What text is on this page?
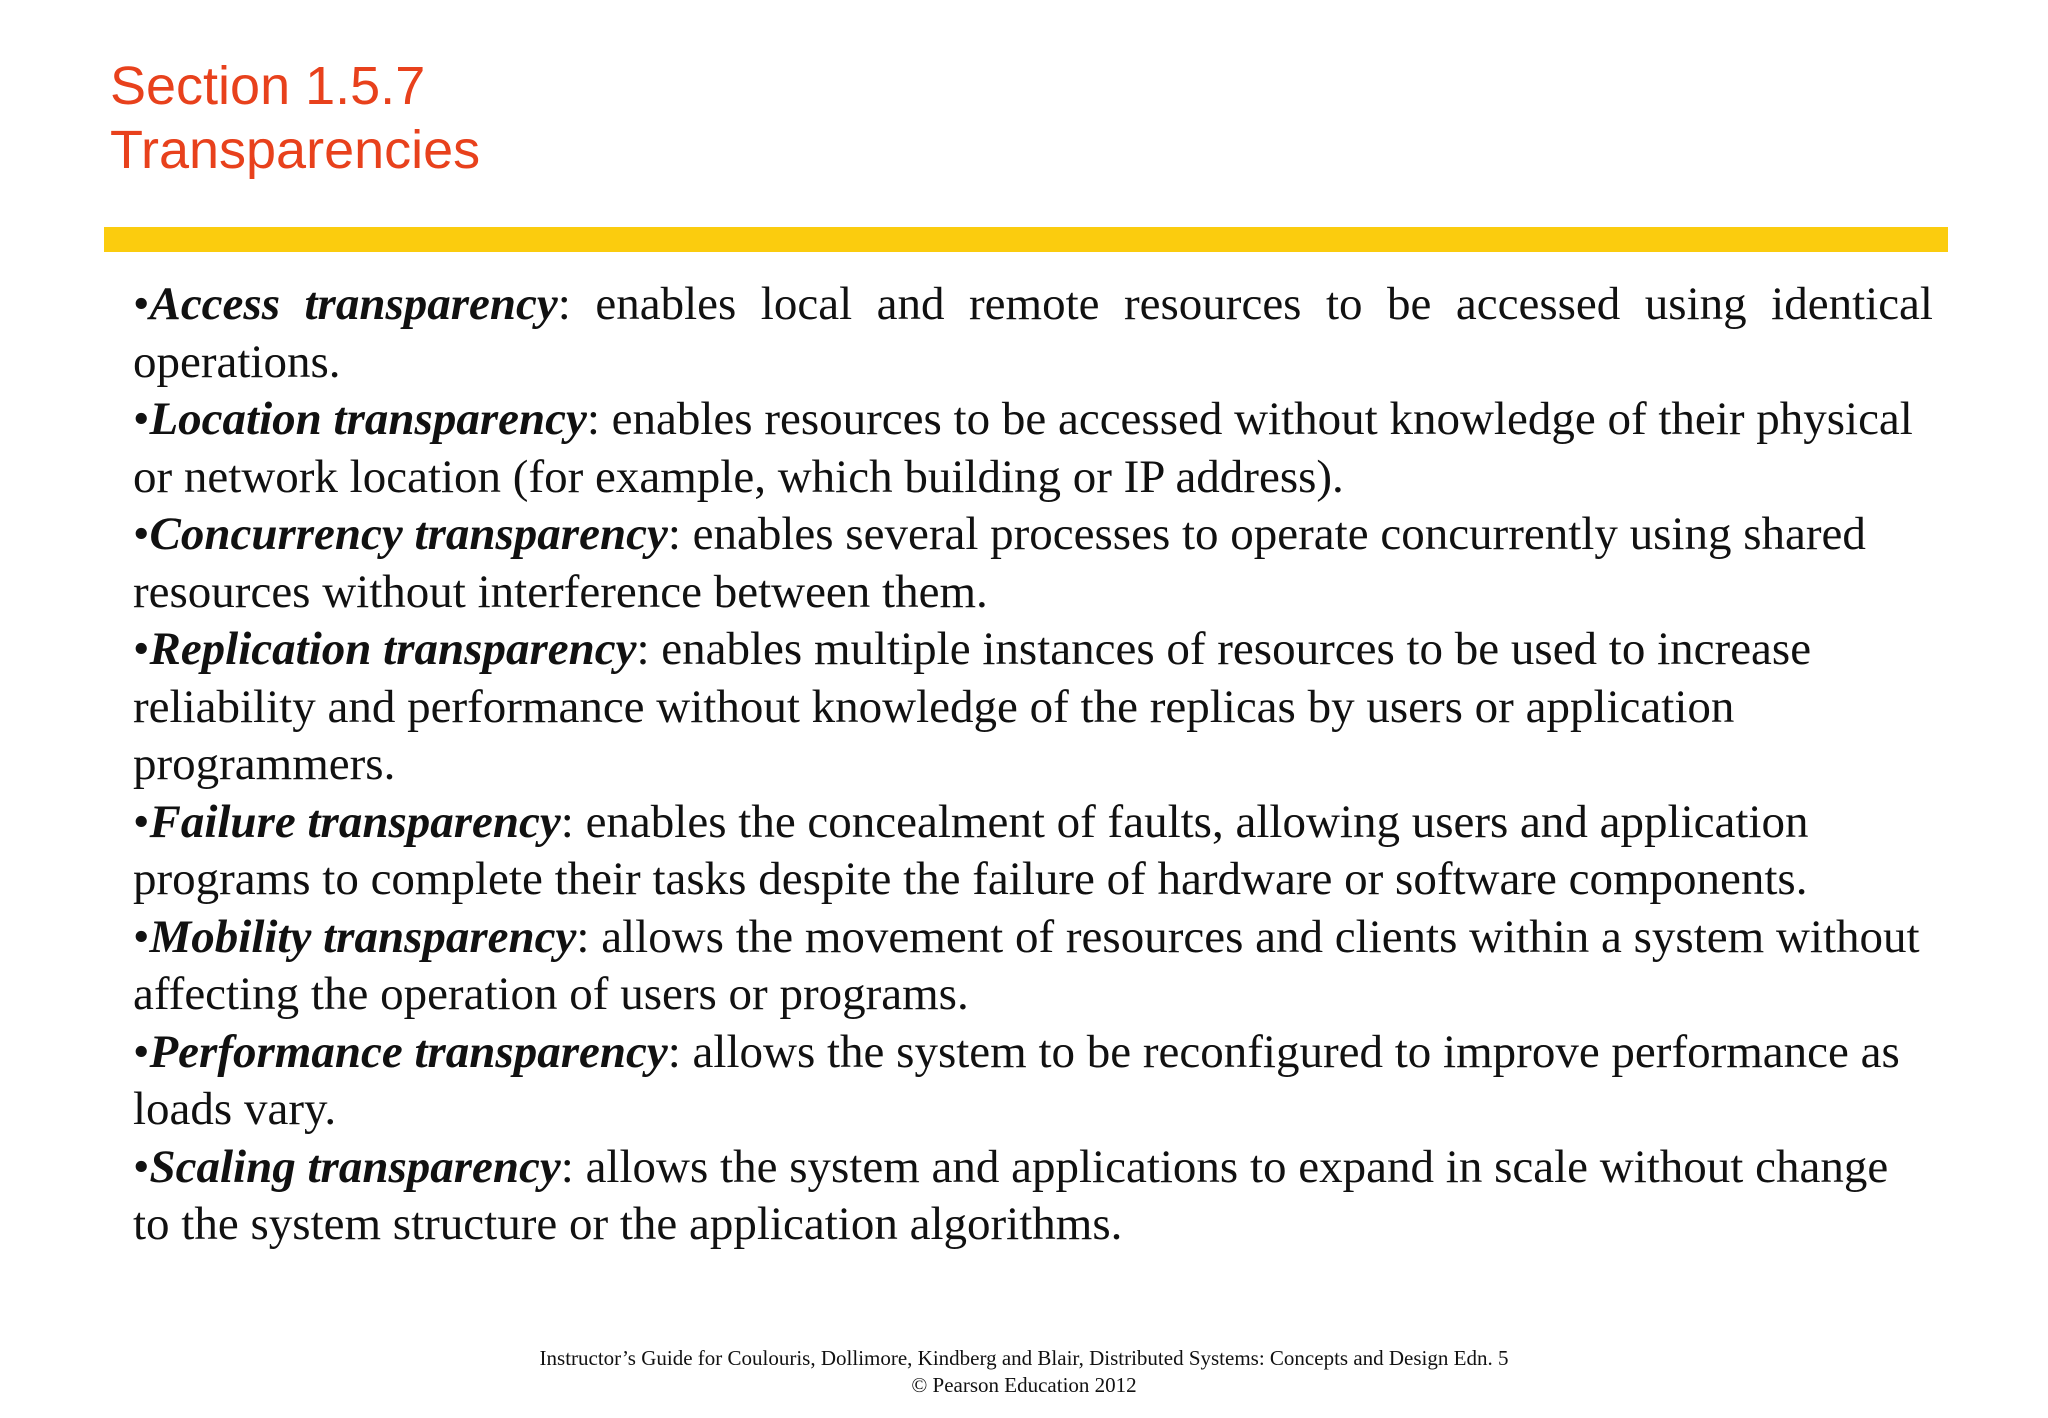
Section 1.5.7
Transparencies

•Access transparency: enables local and remote resources to be accessed using identical operations.

•Location transparency: enables resources to be accessed without knowledge of their physical or network location (for example, which building or IP address).

•Concurrency transparency: enables several processes to operate concurrently using shared resources without interference between them.

•Replication transparency: enables multiple instances of resources to be used to increase reliability and performance without knowledge of the replicas by users or application programmers.

•Failure transparency: enables the concealment of faults, allowing users and application programs to complete their tasks despite the failure of hardware or software components.

•Mobility transparency: allows the movement of resources and clients within a system without affecting the operation of users or programs.

•Performance transparency: allows the system to be reconfigured to improve performance as loads vary.

•Scaling transparency: allows the system and applications to expand in scale without change to the system structure or the application algorithms.

Instructor’s Guide for Coulouris, Dollimore, Kindberg and Blair, Distributed Systems: Concepts and Design Edn. 5
© Pearson Education 2012
